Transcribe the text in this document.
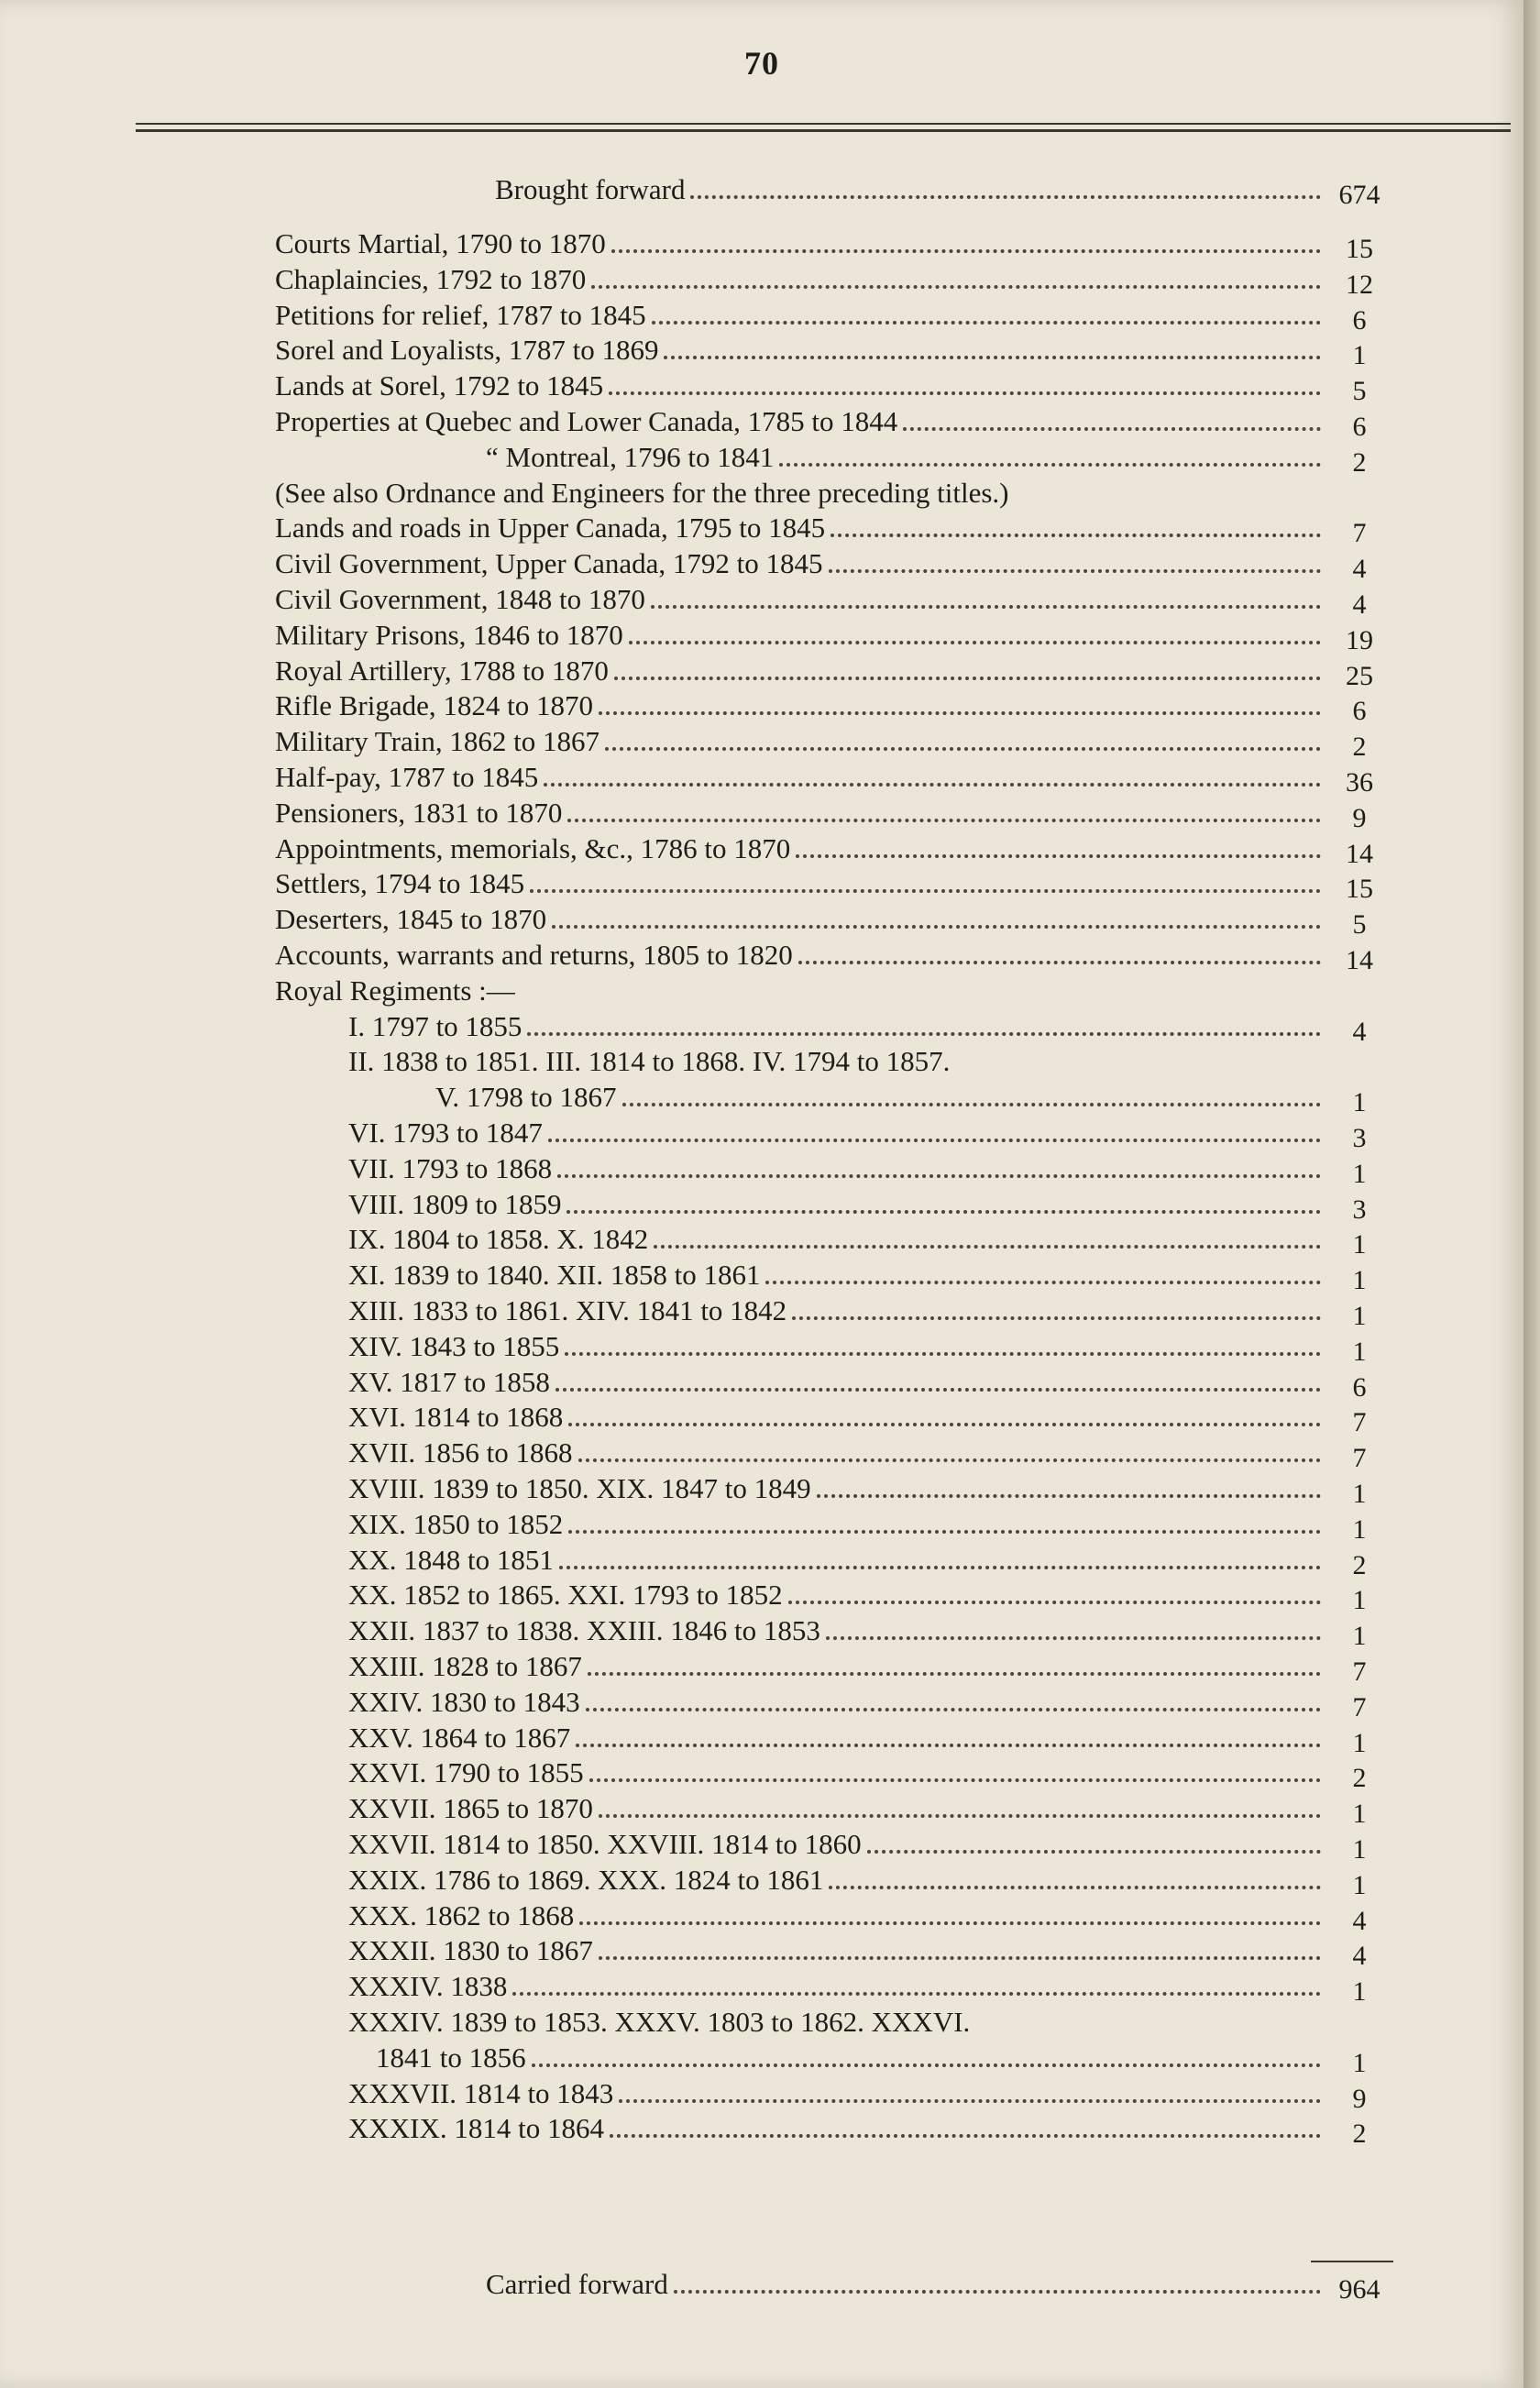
70
Brought forward	674
Courts Martial, 1790 to 1870	15
Chaplaincies, 1792 to 1870	12
Petitions for relief, 1787 to 1845	6
Sorel and Loyalists, 1787 to 1869	1
Lands at Sorel, 1792 to 1845	5
Properties at Quebec and Lower Canada, 1785 to 1844	6
“ Montreal, 1796 to 1841	2
(See also Ordnance and Engineers for the three preceding titles.)
Lands and roads in Upper Canada, 1795 to 1845	7
Civil Government, Upper Canada, 1792 to 1845	4
Civil Government, 1848 to 1870	4
Military Prisons, 1846 to 1870	19
Royal Artillery, 1788 to 1870	25
Rifle Brigade, 1824 to 1870	6
Military Train, 1862 to 1867	2
Half-pay, 1787 to 1845	36
Pensioners, 1831 to 1870	9
Appointments, memorials, &c., 1786 to 1870	14
Settlers, 1794 to 1845	15
Deserters, 1845 to 1870	5
Accounts, warrants and returns, 1805 to 1820	14
Royal Regiments :—
I. 1797 to 1855	4
II. 1838 to 1851. III. 1814 to 1868. IV. 1794 to 1857.
V. 1798 to 1867	1
VI. 1793 to 1847	3
VII. 1793 to 1868	1
VIII. 1809 to 1859	3
IX. 1804 to 1858. X. 1842	1
XI. 1839 to 1840. XII. 1858 to 1861	1
XIII. 1833 to 1861. XIV. 1841 to 1842	1
XIV. 1843 to 1855	1
XV. 1817 to 1858	6
XVI. 1814 to 1868	7
XVII. 1856 to 1868	7
XVIII. 1839 to 1850. XIX. 1847 to 1849	1
XIX. 1850 to 1852	1
XX. 1848 to 1851	2
XX. 1852 to 1865. XXI. 1793 to 1852	1
XXII. 1837 to 1838. XXIII. 1846 to 1853	1
XXIII. 1828 to 1867	7
XXIV. 1830 to 1843	7
XXV. 1864 to 1867	1
XXVI. 1790 to 1855	2
XXVII. 1865 to 1870	1
XXVII. 1814 to 1850. XXVIII. 1814 to 1860	1
XXIX. 1786 to 1869. XXX. 1824 to 1861	1
XXX. 1862 to 1868	4
XXXII. 1830 to 1867	4
XXXIV. 1838	1
XXXIV. 1839 to 1853. XXXV. 1803 to 1862. XXXVI.
1841 to 1856	1
XXXVII. 1814 to 1843	9
XXXIX. 1814 to 1864	2
Carried forward	964
